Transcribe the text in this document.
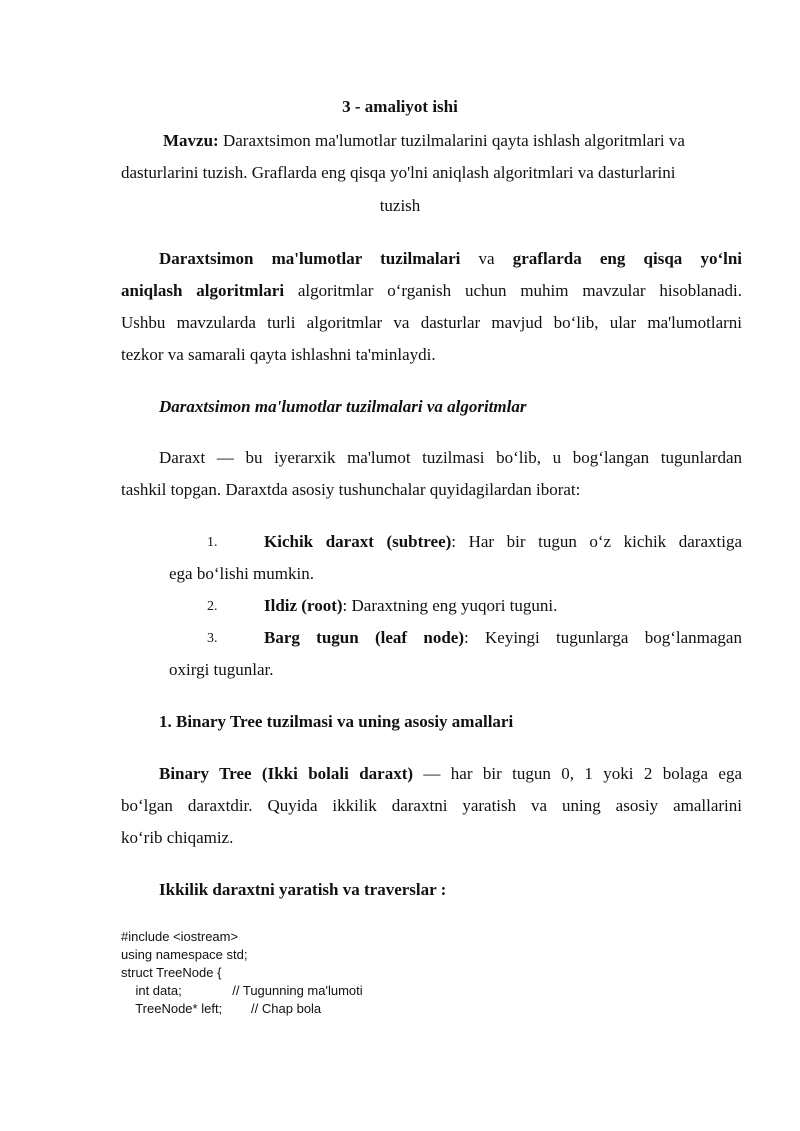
3 - amaliyot ishi
Mavzu: Daraxtsimon ma'lumotlar tuzilmalarini qayta ishlash algoritmlari va
dasturlarini tuzish. Graflarda eng qisqa yo'lni aniqlash algoritmlari va dasturlarini
tuzish
Daraxtsimon ma'lumotlar tuzilmalari va graflarda eng qisqa yo‘lni
aniqlash algoritmlari algoritmlar o‘rganish uchun muhim mavzular hisoblanadi.
Ushbu mavzularda turli algoritmlar va dasturlar mavjud bo‘lib, ular ma'lumotlarni
tezkor va samarali qayta ishlashni ta'minlaydi.
Daraxtsimon ma'lumotlar tuzilmalari va algoritmlar
Daraxt — bu iyerarxik ma'lumot tuzilmasi bo‘lib, u bog‘langan tugunlardan
tashkil topgan. Daraxtda asosiy tushunchalar quyidagilardan iborat:
1.	Kichik daraxt (subtree): Har bir tugun o‘z kichik daraxtiga
ega bo‘lishi mumkin.
2.	Ildiz (root): Daraxtning eng yuqori tuguni.
3.	Barg tugun (leaf node): Keyingi tugunlarga bog‘lanmagan
oxirgi tugunlar.
1. Binary Tree tuzilmasi va uning asosiy amallari
Binary Tree (Ikki bolali daraxt) — har bir tugun 0, 1 yoki 2 bolaga ega
bo‘lgan daraxtdir. Quyida ikkilik daraxtni yaratish va uning asosiy amallarini
ko‘rib chiqamiz.
Ikkilik daraxtni yaratish va traverslar :
#include <iostream>
using namespace std;
struct TreeNode {
int data;              // Tugunning ma'lumoti
TreeNode* left;        // Chap bola
